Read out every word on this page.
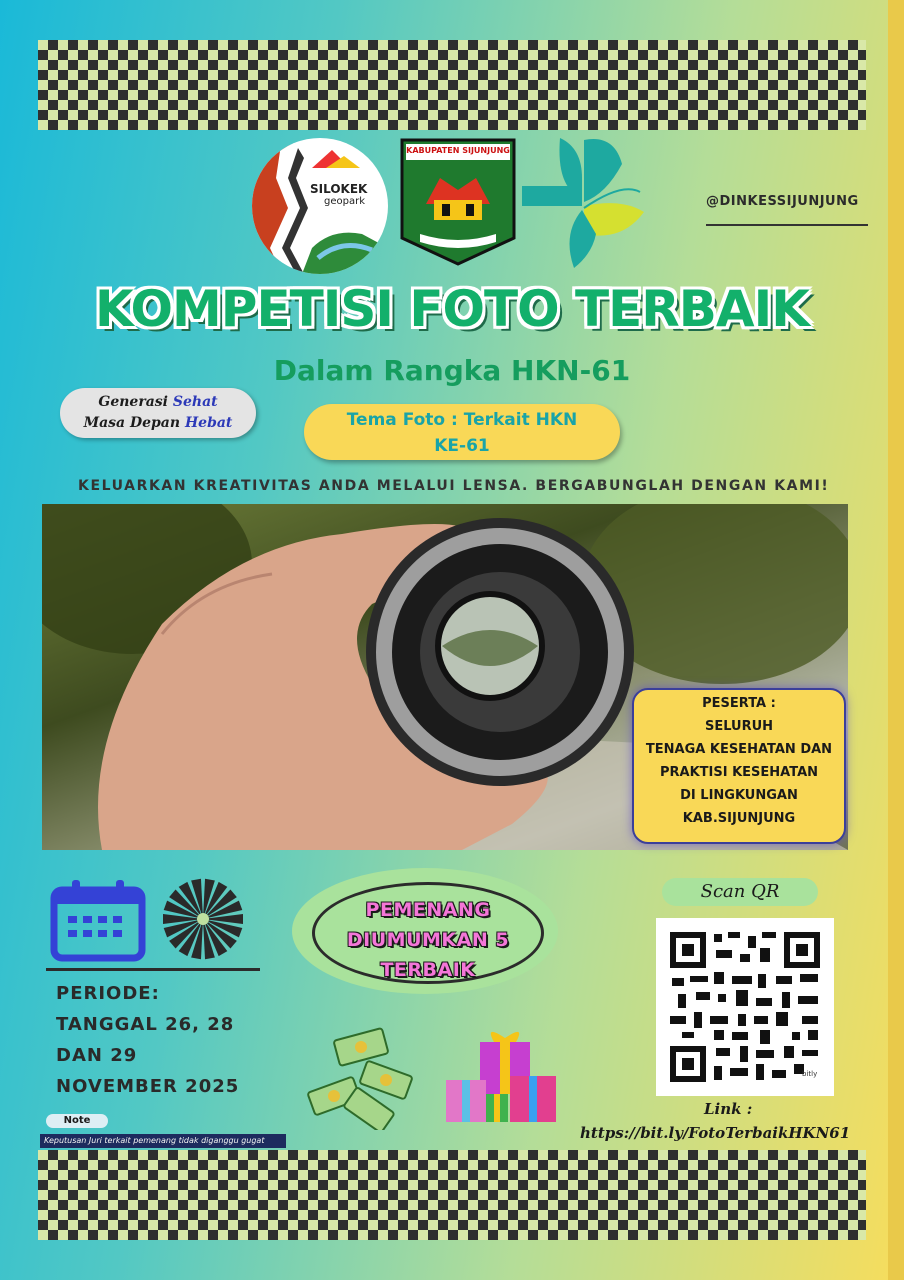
SILOKEK
geopark
KABUPATEN SIJUNJUNG
@DINKESSIJUNJUNG
KOMPETISI FOTO TERBAIK
Dalam Rangka HKN-61
Generasi Sehat
Masa Depan Hebat	Tema Foto : Terkait HKN
KE-61
KELUARKAN KREATIVITAS ANDA MELALUI LENSA. BERGABUNGLAH DENGAN KAMI!
PESERTA :
SELURUH
TENAGA KESEHATAN DAN
PRAKTISI KESEHATAN
DI LINGKUNGAN
KAB.SIJUNJUNG
PERIODE:
TANGGAL 26, 28
DAN 29
NOVEMBER 2025
PEMENANG
DIUMUMKAN 5
TERBAIK
Scan QR
bitly
Link :
https://bit.ly/FotoTerbaikHKN61
Note
Keputusan Juri terkait pemenang tidak diganggu gugat
